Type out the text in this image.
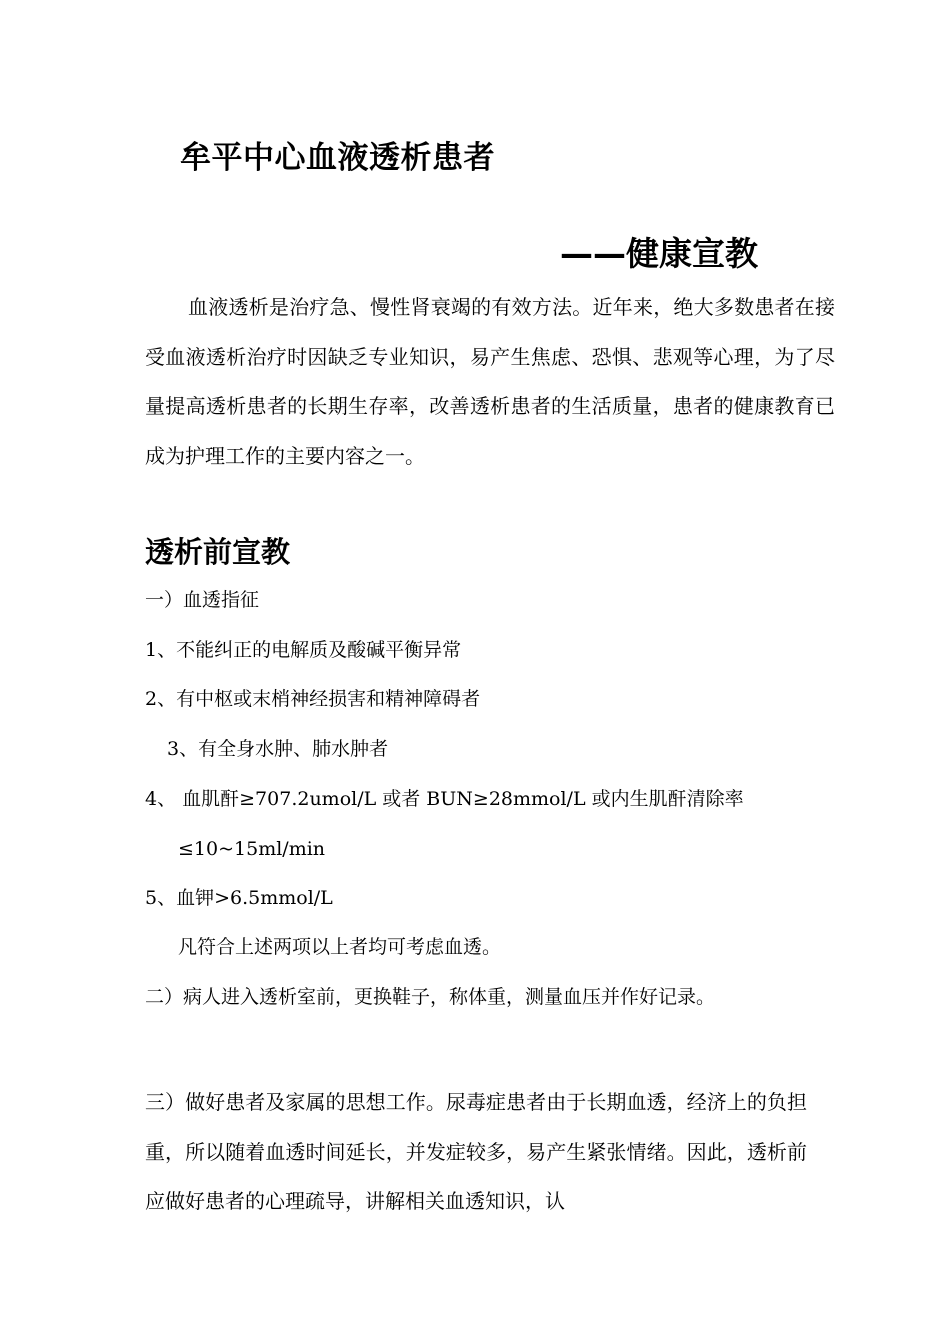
牟平中心血液透析患者
——健康宣教

血液透析是治疗急、慢性肾衰竭的有效方法。近年来，绝大多数患者在接受血液透析治疗时因缺乏专业知识，易产生焦虑、恐惧、悲观等心理，为了尽量提高透析患者的长期生存率，改善透析患者的生活质量，患者的健康教育已成为护理工作的主要内容之一。

透析前宣教
一）血透指征
1、不能纠正的电解质及酸碱平衡异常
2、有中枢或末梢神经损害和精神障碍者
3、有全身水肿、肺水肿者
4、 血肌酐≥707.2umol/L 或者 BUN≥28mmol/L 或内生肌酐清除率
≤10~15ml/min
5、血钾>6.5mmol/L
凡符合上述两项以上者均可考虑血透。
二）病人进入透析室前，更换鞋子，称体重，测量血压并作好记录。

三）做好患者及家属的思想工作。尿毒症患者由于长期血透，经济上的负担重，所以随着血透时间延长，并发症较多，易产生紧张情绪。因此，透析前应做好患者的心理疏导，讲解相关血透知识，认
